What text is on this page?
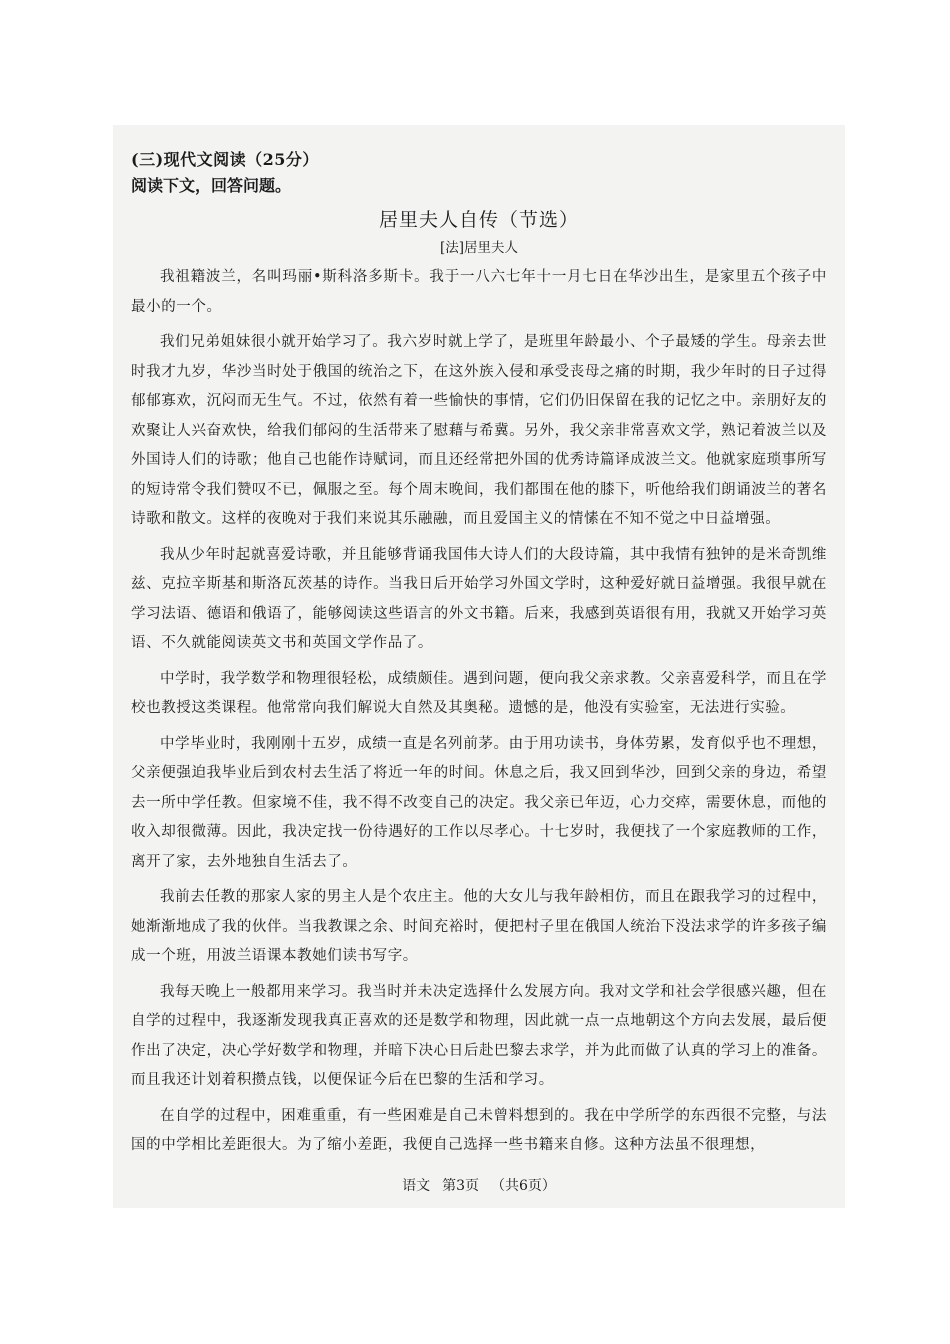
(三)现代文阅读（25分）
阅读下文，回答问题。
居里夫人自传（节选）
[法]居里夫人

我祖籍波兰，名叫玛丽•斯科洛多斯卡。我于一八六七年十一月七日在华沙出生，是家里五个孩子中最小的一个。

我们兄弟姐妹很小就开始学习了。我六岁时就上学了，是班里年龄最小、个子最矮的学生。母亲去世时我才九岁，华沙当时处于俄国的统治之下，在这外族入侵和承受丧母之痛的时期，我少年时的日子过得郁郁寡欢，沉闷而无生气。不过，依然有着一些愉快的事情，它们仍旧保留在我的记忆之中。亲朋好友的欢聚让人兴奋欢快，给我们郁闷的生活带来了慰藉与希冀。另外，我父亲非常喜欢文学，熟记着波兰以及外国诗人们的诗歌；他自己也能作诗赋词，而且还经常把外国的优秀诗篇译成波兰文。他就家庭琐事所写的短诗常令我们赞叹不已，佩服之至。每个周末晚间，我们都围在他的膝下，听他给我们朗诵波兰的著名诗歌和散文。这样的夜晚对于我们来说其乐融融，而且爱国主义的情愫在不知不觉之中日益增强。

我从少年时起就喜爱诗歌，并且能够背诵我国伟大诗人们的大段诗篇，其中我情有独钟的是米奇凯维兹、克拉辛斯基和斯洛瓦茨基的诗作。当我日后开始学习外国文学时，这种爱好就日益增强。我很早就在学习法语、德语和俄语了，能够阅读这些语言的外文书籍。后来，我感到英语很有用，我就又开始学习英语、不久就能阅读英文书和英国文学作品了。

中学时，我学数学和物理很轻松，成绩颇佳。遇到问题，便向我父亲求教。父亲喜爱科学，而且在学校也教授这类课程。他常常向我们解说大自然及其奥秘。遗憾的是，他没有实验室，无法进行实验。

中学毕业时，我刚刚十五岁，成绩一直是名列前茅。由于用功读书，身体劳累，发育似乎也不理想，父亲便强迫我毕业后到农村去生活了将近一年的时间。休息之后，我又回到华沙，回到父亲的身边，希望去一所中学任教。但家境不佳，我不得不改变自己的决定。我父亲已年迈，心力交瘁，需要休息，而他的收入却很微薄。因此，我决定找一份待遇好的工作以尽孝心。十七岁时，我便找了一个家庭教师的工作，离开了家，去外地独自生活去了。

我前去任教的那家人家的男主人是个农庄主。他的大女儿与我年龄相仿，而且在跟我学习的过程中，她渐渐地成了我的伙伴。当我教课之余、时间充裕时，便把村子里在俄国人统治下没法求学的许多孩子编成一个班，用波兰语课本教她们读书写字。

我每天晚上一般都用来学习。我当时并未决定选择什么发展方向。我对文学和社会学很感兴趣，但在自学的过程中，我逐渐发现我真正喜欢的还是数学和物理，因此就一点一点地朝这个方向去发展，最后便作出了决定，决心学好数学和物理，并暗下决心日后赴巴黎去求学，并为此而做了认真的学习上的准备。而且我还计划着积攒点钱，以便保证今后在巴黎的生活和学习。

在自学的过程中，困难重重，有一些困难是自己未曾料想到的。我在中学所学的东西很不完整，与法国的中学相比差距很大。为了缩小差距，我便自己选择一些书籍来自修。这种方法虽不很理想，

语文 第3页 （共6页）
